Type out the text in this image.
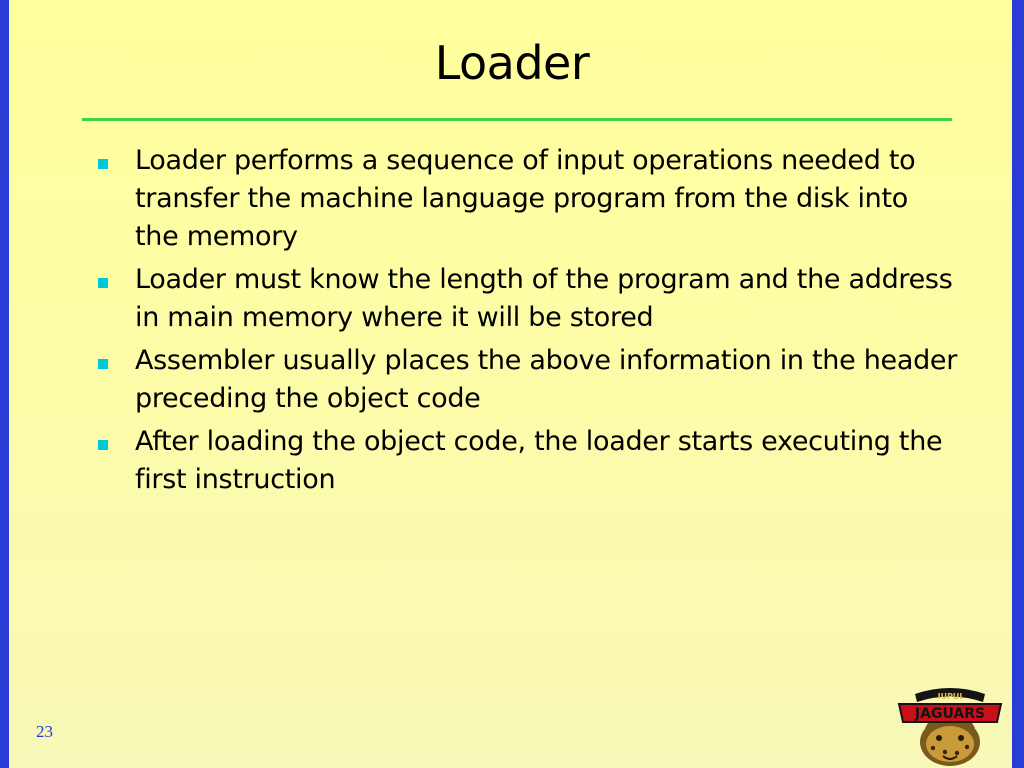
Loader
Loader performs a sequence of input operations needed to transfer the machine language program from the disk into the memory
Loader must know the length of the program and the address in main memory where it will be stored
Assembler usually places the above information in the header preceding the object code
After loading the object code, the loader starts executing the first instruction
23
IUPUI
JAGUARS
